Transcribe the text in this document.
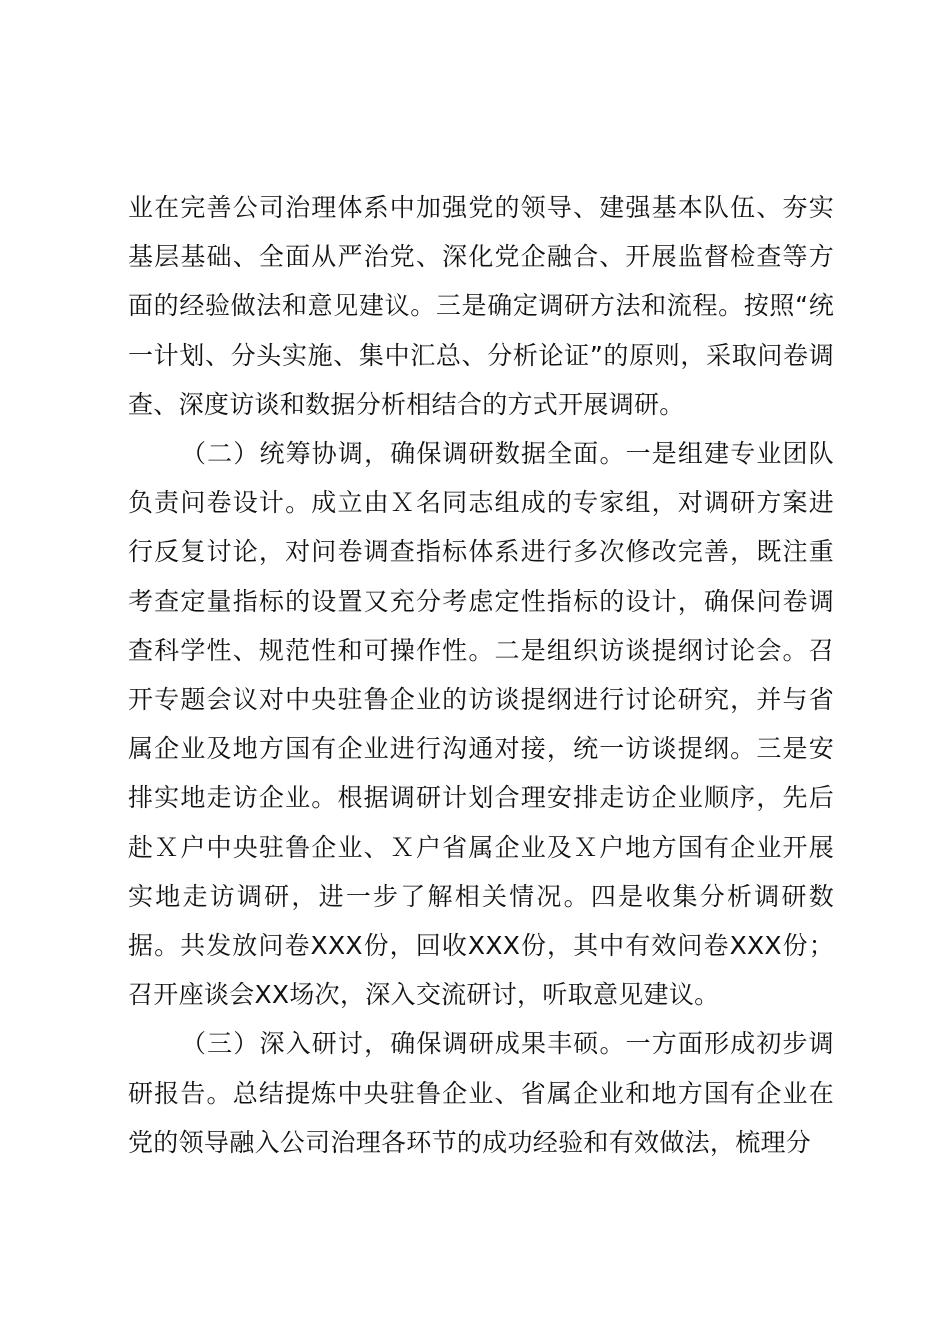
业在完善公司治理体系中加强党的领导、建强基本队伍、夯实基层基础、全面从严治党、深化党企融合、开展监督检查等方面的经验做法和意见建议。三是确定调研方法和流程。按照“统一计划、分头实施、集中汇总、分析论证”的原则，采取问卷调查、深度访谈和数据分析相结合的方式开展调研。

（二）统筹协调，确保调研数据全面。一是组建专业团队负责问卷设计。成立由Ｘ名同志组成的专家组，对调研方案进行反复讨论，对问卷调查指标体系进行多次修改完善，既注重考查定量指标的设置又充分考虑定性指标的设计，确保问卷调查科学性、规范性和可操作性。二是组织访谈提纲讨论会。召开专题会议对中央驻鲁企业的访谈提纲进行讨论研究，并与省属企业及地方国有企业进行沟通对接，统一访谈提纲。三是安排实地走访企业。根据调研计划合理安排走访企业顺序，先后赴Ｘ户中央驻鲁企业、Ｘ户省属企业及Ｘ户地方国有企业开展实地走访调研，进一步了解相关情况。四是收集分析调研数据。共发放问卷XXX份，回收XXX份，其中有效问卷XXX份；召开座谈会XX场次，深入交流研讨，听取意见建议。

（三）深入研讨，确保调研成果丰硕。一方面形成初步调研报告。总结提炼中央驻鲁企业、省属企业和地方国有企业在党的领导融入公司治理各环节的成功经验和有效做法，梳理分
